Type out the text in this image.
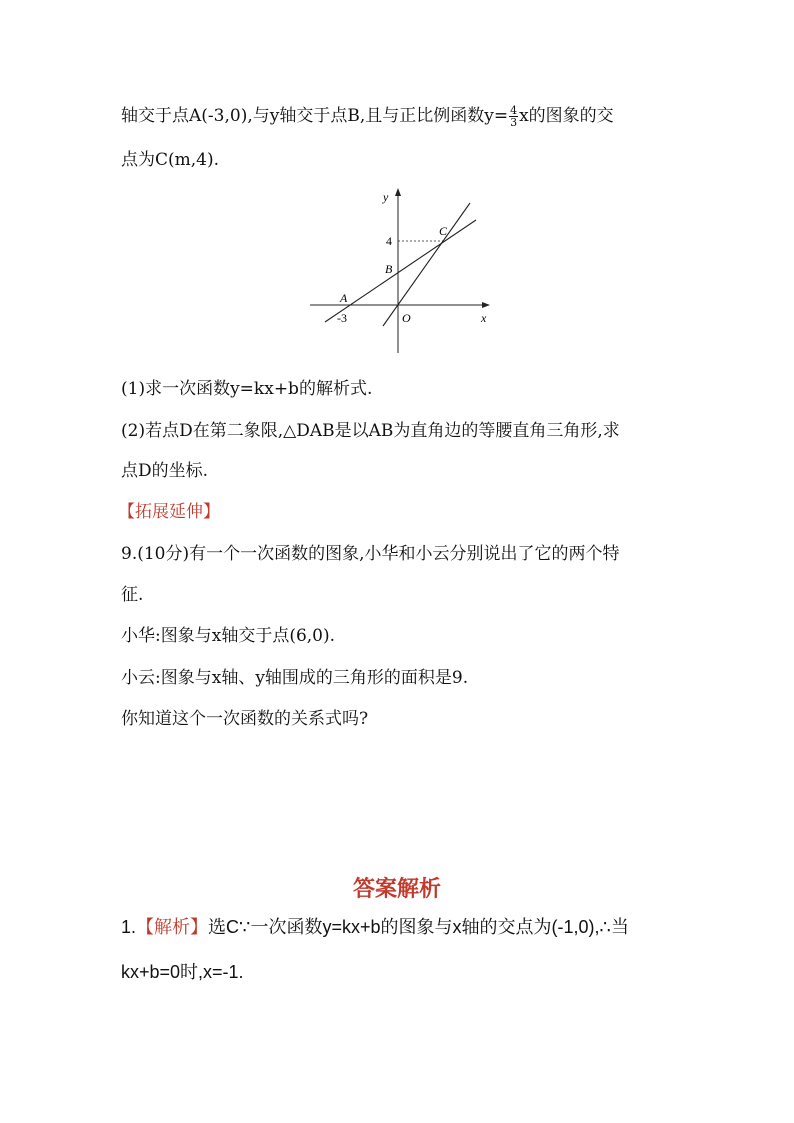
轴交于点A(-3,0),与y轴交于点B,且与正比例函数$y= \frac{4}{3}$ x的图象的交
点为C(m,4).
y
x
4
C
B
A
-3	O
(1)求一次函数y=kx+b的解析式.
(2)若点D在第二象限,△DAB是以AB为直角边的等腰直角三角形,求
点D的坐标.
【拓展延伸】
9.(10分)有一个一次函数的图象,小华和小云分别说出了它的两个特
征.
小华:图象与x轴交于点(6,0).
小云:图象与x轴、y轴围成的三角形的面积是9.
你知道这个一次函数的关系式吗?
答案解析
1.【解析】选C∵一次函数y=kx+b的图象与x轴的交点为(-1,0),∴当
kx+b=0时,x=-1.
